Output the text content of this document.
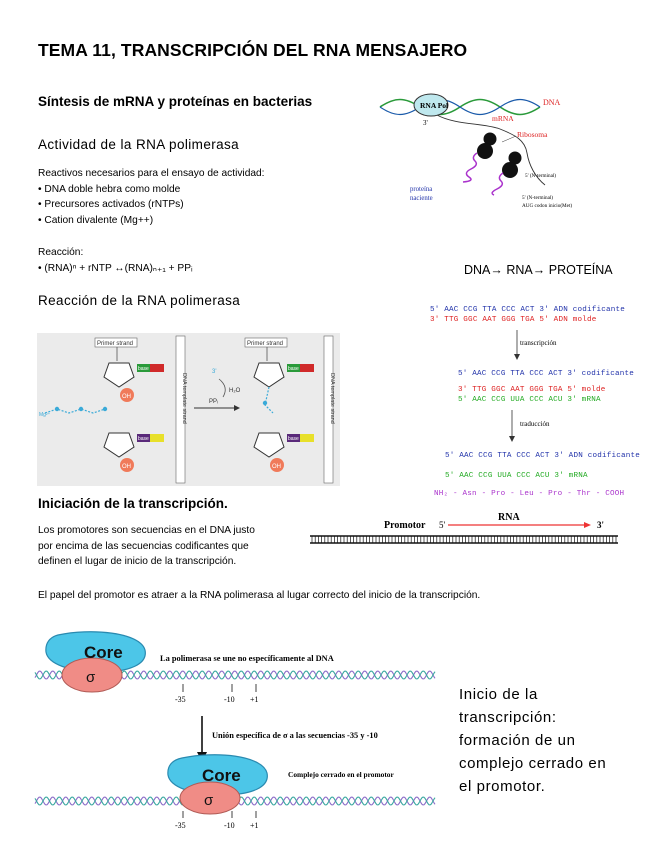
TEMA 11, TRANSCRIPCIÓN DEL RNA MENSAJERO
Síntesis de mRNA y proteínas en bacterias
Actividad de la RNA polimerasa
Reactivos necesarios para el ensayo de actividad:
• DNA doble hebra como molde
• Precursores activados (rNTPs)
• Cation divalente (Mg++)
Reacción:
• (RNA)ⁿ + rNTP ↔(RNA)ₙ₊₁ + PPᵢ	DNA→ RNA→ PROTEÍNA
Reacción de la RNA polimerasa
Iniciación de la transcripción.
Los promotores son secuencias en el DNA justo
por encima de las secuencias codificantes que
definen el lugar de inicio de la transcripción.
El papel del promotor es atraer a la RNA polimerasa al lugar correcto del inicio de la transcripción.
Inicio de la
transcripción:
formación de un
complejo cerrado en
el promotor.
RNA Pol	DNA
3'	mRNA
Ribosoma
proteína
naciente
5' (N-terminal)
5' (N-terminal)
AUG codon inicio(Met)
Primer strand
OH
base
Mg²⁺
OH
base
DNA template strand
3'
H₂O
PPᵢ
Primer strand
base
OH
base
DNA template strand
5' AAC CCG TTA CCC ACT 3' ADN codificante
3' TTG GGC AAT GGG TGA 5' ADN molde
transcripción
5' AAC CCG TTA CCC ACT 3' codificante
3' TTG GGC AAT GGG TGA 5' molde
5' AAC CCG UUA CCC ACU 3' mRNA
traducción
5' AAC CCG TTA CCC ACT 3' ADN codificante
5' AAC CCG UUA CCC ACU 3' mRNA
NH₂ - Asn - Pro - Leu - Pro - Thr - COOH
Promotor 5'
RNA
3'
Core
σ
La polimerasa se une no específicamente al DNA
-35	-10 +1
Unión específica de σ a las secuencias -35 y -10
Core
σ
Complejo cerrado en el promotor
-35	-10 +1
